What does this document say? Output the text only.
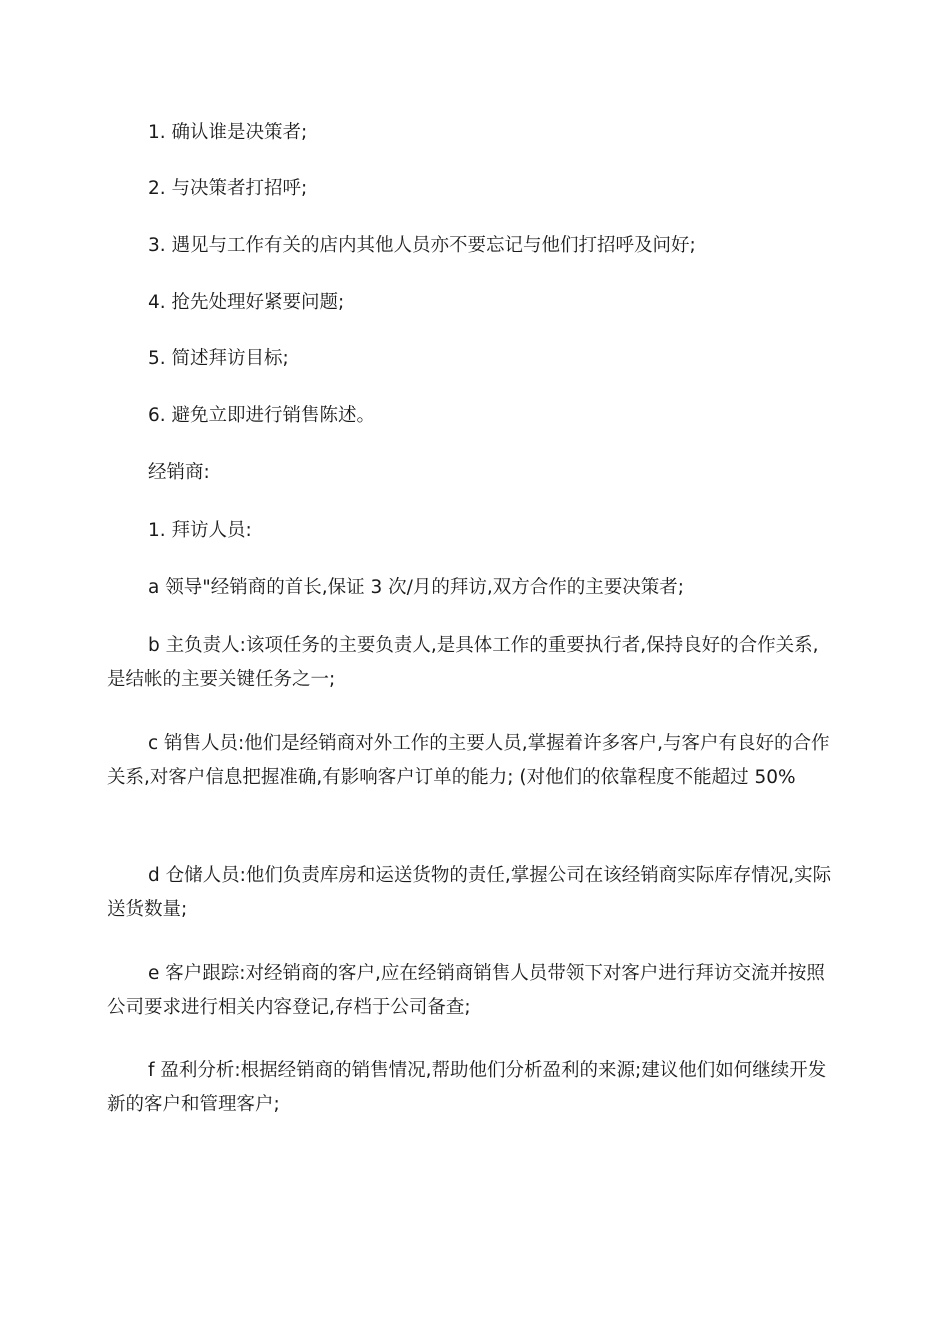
1. 确认谁是决策者;

2. 与决策者打招呼;

3. 遇见与工作有关的店内其他人员亦不要忘记与他们打招呼及问好;

4. 抢先处理好紧要问题;

5. 简述拜访目标;

6. 避免立即进行销售陈述。

经销商:

1. 拜访人员:

a 领导"经销商的首长,保证 3 次/月的拜访,双方合作的主要决策者;

b 主负责人:该项任务的主要负责人,是具体工作的重要执行者,保持良好的合作关系,是结帐的主要关键任务之一;

c 销售人员:他们是经销商对外工作的主要人员,掌握着许多客户,与客户有良好的合作关系,对客户信息把握准确,有影响客户订单的能力; (对他们的依靠程度不能超过 50%

d 仓储人员:他们负责库房和运送货物的责任,掌握公司在该经销商实际库存情况,实际送货数量;

e 客户跟踪:对经销商的客户,应在经销商销售人员带领下对客户进行拜访交流并按照公司要求进行相关内容登记,存档于公司备查;

f 盈利分析:根据经销商的销售情况,帮助他们分析盈利的来源;建议他们如何继续开发新的客户和管理客户;
